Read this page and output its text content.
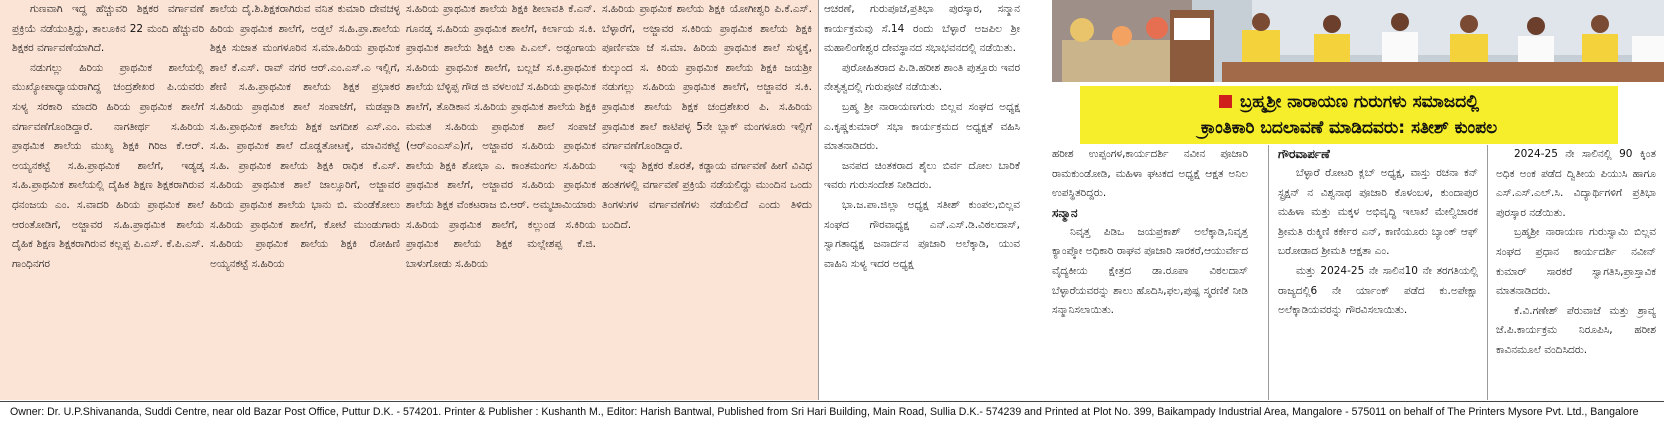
ಗುಣವಾಗಿ ಇದ್ದ ಹೆಚ್ಚುವರಿ ಶಿಕ್ಷಕರ ವರ್ಗಾವಣೆ ಪ್ರಕ್ರಿಯೆ ನಡೆಯುತ್ತಿದ್ದು, ತಾಲೂಕಿನ 22 ಮಂದಿ ಹೆಚ್ಚುವರಿ ಶಿಕ್ಷಕರ ವರ್ಗಾವಣೆಯಾಗಿದೆ.

ನಡುಗಲ್ಲು ಹಿರಿಯ ಪ್ರಾಥಮಿಕ ಶಾಲೆಯಲ್ಲಿ ಮುಖ್ಯೋಪಾಧ್ಯಾಯರಾಗಿದ್ದ ಚಂದ್ರಶೇಖರ ಪಿ.ಯವರು ಸುಳ್ಯ ಸರಕಾರಿ ಮಾದರಿ ಹಿರಿಯ ಪ್ರಾಥಮಿಕ ಶಾಲೆಗೆ ವರ್ಗಾವಣೆಗೊಂಡಿದ್ದಾರೆ. ನಾಗತೀರ್ಥ ಸ.ಹಿರಿಯ ಪ್ರಾಥಮಿಕ ಶಾಲೆಯ ಮುಖ್ಯ ಶಿಕ್ಷಕಿ ಗಿರಿಜ ಕೆ.ಆರ್. ಅಯ್ಯನಕಟ್ಟೆ ಸ.ಹಿ.ಪ್ರಾಥಮಿಕ ಶಾಲೆಗೆ, ಇಡ್ಯಡ್ಕ ಸ.ಹಿ.ಪ್ರಾಥಮಿಕ ಶಾಲೆಯಲ್ಲಿ ದೈಹಿಕ ಶಿಕ್ಷಣ ಶಿಕ್ಷಕರಾಗಿರುವ ಧನಂಜಯ ಎಂ. ಸ.ವಾದರಿ ಹಿರಿಯ ಪ್ರಾಥಮಿಕ ಶಾಲೆ ಆರಂತೋಡಿಗೆ, ಅಜ್ಜಾವರ ಸ.ಹಿ.ಪ್ರಾಥಮಿಕ ಶಾಲೆಯ ದೈಹಿಕ ಶಿಕ್ಷಣ ಶಿಕ್ಷಕರಾಗಿರುವ ಕಲ್ಲಪ್ಪ ಪಿ.ಎಸ್. ಕೆ.ಪಿ.ಎಸ್. ಗಾಂಧಿನಗರ

ಶಾಲೆಯ ದೈ.ಶಿ.ಶಿಕ್ಷಕರಾಗಿರುವ ವನಿತ ಕುಮಾರಿ ದೇವಚಳ್ಳ ಹಿರಿಯ ಪ್ರಾಥಮಿಕ ಶಾಲೆಗೆ, ಅಡ್ತಲೆ ಸ.ಹಿ.ಪ್ರಾ.ಶಾಲೆಯ ಶಿಕ್ಷಕಿ ಸುಜಾತ ಮಂಗಳೂರಿನ ಸ.ಮಾ.ಹಿರಿಯ ಪ್ರಾಥಮಿಕ ಶಾಲೆ ಕೆ.ಎಸ್. ರಾವ್ ನಗರ ಆರ್.ಎಂ.ಎಸ್.ಎ ಇಲ್ಲಿಗೆ, ಶೇಣಿ ಸ.ಹಿ.ಪ್ರಾಥಮಿಕ ಶಾಲೆಯ ಶಿಕ್ಷಕ ಪ್ರಭಾಕರ ಸ.ಹಿರಿಯ ಪ್ರಾಥಮಿಕ ಶಾಲೆ ಸಂಪಾಜೆಗೆ, ಮಡಪ್ಪಾಡಿ ಸ.ಹಿ.ಪ್ರಾಥಮಿಕ ಶಾಲೆಯ ಶಿಕ್ಷಕ ಜಗದೀಶ ಎಸ್.ಎಂ. ಸ.ಹಿ. ಪ್ರಾಥಮಿಕ ಶಾಲೆ ದೊಡ್ಡತೋಟಕ್ಕೆ, ಮಾವಿನಕಟ್ಟೆ ಸ.ಹಿ. ಪ್ರಾಥಮಿಕ ಶಾಲೆಯ ಶಿಕ್ಷಕಿ ರಾಧಿಕ ಕೆ.ಎಸ್. ಸ.ಹಿರಿಯ ಪ್ರಾಥಮಿಕ ಶಾಲೆ ಜಾಲ್ಸೂರಿಗೆ, ಅಜ್ಜಾವರ ಹಿರಿಯ ಪ್ರಾಥಮಿಕ ಶಾಲೆಯ ಭಾನು ಬಿ. ಮಂಡೆಕೋಲು ಸ.ಹಿರಿಯ ಪ್ರಾಥಮಿಕ ಶಾಲೆಗೆ, ಕೋಟೆ ಮುಂಡುಗಾರು ಸ.ಹಿರಿಯ ಪ್ರಾಥಮಿಕ ಶಾಲೆಯ ಶಿಕ್ಷಕಿ ರೋಹಿಣಿ ಅಯ್ಯನಕಟ್ಟೆ ಸ.ಹಿರಿಯ

ಸ.ಹಿರಿಯ ಪ್ರಾಥಮಿಕ ಶಾಲೆಯ ಶಿಕ್ಷಕಿ ಶೀಲಾವತಿ ಕೆ.ಎನ್. ಗೂನಡ್ಕ ಸ.ಹಿರಿಯ ಪ್ರಾಥಮಿಕ ಶಾಲೆಗೆ, ಕಿರ್ಲಾಯ ಸ.ಕಿ. ಪ್ರಾಥಮಿಕ ಶಾಲೆಯ ಶಿಕ್ಷಕಿ ಲತಾ ಪಿ.ಎಲ್. ಅಡ್ಪಂಗಾಯ ಸ.ಹಿರಿಯ ಪ್ರಾಥಮಿಕ ಶಾಲೆಗೆ, ಬಲ್ಲಜೆ ಸ.ಕಿ.ಪ್ರಾಥಮಿಕ ಶಾಲೆಯ ಬೆಳ್ಳಿಪ್ಪ ಗೌಡ ಜಿ ವಳಲಂಬೆ ಸ.ಹಿರಿಯ ಪ್ರಾಥಮಿಕ ಶಾಲೆಗೆ, ತೊಡಿಕಾನ ಸ.ಹಿರಿಯ ಪ್ರಾಥಮಿಕ ಶಾಲೆಯ ಶಿಕ್ಷಕಿ ಮಮತ ಸ.ಹಿರಿಯ ಪ್ರಾಥಮಿಕ ಶಾಲೆ ಸಂಪಾಜೆ (ಆರ್‌ಎಂಎಸ್‌ಎ)ಗೆ, ಅಜ್ಜಾವರ ಸ.ಹಿರಿಯ ಪ್ರಾಥಮಿಕ ಶಾಲೆಯ ಶಿಕ್ಷಕಿ ಶೋಭಾ ಎ. ಕಾಂತಮಂಗಲ ಸ.ಹಿರಿಯ ಪ್ರಾಥಮಿಕ ಶಾಲೆಗೆ, ಅಜ್ಜಾವರ ಸ.ಹಿರಿಯ ಪ್ರಾಥಮಿಕ ಶಾಲೆಯ ಶಿಕ್ಷಕ ವೆಂಕಟರಾಜ ಬಿ.ಆರ್. ಅಮ್ಮಚಾಮಿಯಾರು ಸ.ಹಿರಿಯ ಪ್ರಾಥಮಿಕ ಶಾಲೆಗೆ, ಕಲ್ಲುಂಡ ಸ.ಕಿರಿಯ ಪ್ರಾಥಮಿಕ ಶಾಲೆಯ ಶಿಕ್ಷಕ ಮಲ್ಲೇಶಪ್ಪ ಕೆ.ಜಿ. ಬಾಳುಗೋಡು ಸ.ಹಿರಿಯ

ಸ.ಹಿರಿಯ ಪ್ರಾಥಮಿಕ ಶಾಲೆಯ ಶಿಕ್ಷಕಿ ಯೋಗೀಶ್ವರಿ ಪಿ.ಕೆ.ಎಸ್. ಬೆಳ್ಳಾರೆಗೆ, ಅಜ್ಜಾವರ ಸ.ಕಿರಿಯ ಪ್ರಾಥಮಿಕ ಶಾಲೆಯ ಶಿಕ್ಷಕಿ ಪೂರ್ಣಿಮಾ ಜೆ ಸ.ಮಾ. ಹಿರಿಯ ಪ್ರಾಥಮಿಕ ಶಾಲೆ ಸುಳ್ಯಕ್ಕೆ, ಕುಲ್ಕುಂದ ಸ. ಕಿರಿಯ ಪ್ರಾಥಮಿಕ ಶಾಲೆಯ ಶಿಕ್ಷಕಿ ಜಯಶ್ರೀ ನಡುಗಲ್ಲು ಸ.ಹಿರಿಯ ಪ್ರಾಥಮಿಕ ಶಾಲೆಗೆ, ಅಜ್ಜಾವರ ಸ.ಕಿ. ಪ್ರಾಥಮಿಕ ಶಾಲೆಯ ಶಿಕ್ಷಕ ಚಂದ್ರಶೇಖರ ಪಿ. ಸ.ಹಿರಿಯ ಪ್ರಾಥಮಿಕ ಶಾಲೆ ಕಾಟಿಪಳ್ಳ 5ನೇ ಬ್ಲಾಕ್ ಮಂಗಳೂರು ಇಲ್ಲಿಗೆ ವರ್ಗಾವಣೆಗೊಂಡಿದ್ದಾರೆ.

ಇನ್ನು ಶಿಕ್ಷಕರ ಕೊರತೆ, ಕಡ್ಡಾಯ ವರ್ಗಾವಣೆ ಹೀಗೆ ವಿವಿಧ ಹಂತಗಳಲ್ಲಿ ವರ್ಗಾವಣೆ ಪ್ರಕ್ರಿಯೆ ನಡೆಯಲಿದ್ದು ಮುಂದಿನ ಒಂದು ತಿಂಗಳುಗಳ ವರ್ಗಾವಣೆಗಳು ನಡೆಯಲಿದೆ ಎಂದು ತಿಳಿದು ಬಂದಿದೆ.

ಆಚರಣೆ, ಗುರುಪೂಜೆ,ಪ್ರತಿಭಾ ಪುರಸ್ಕಾರ, ಸನ್ಮಾನ ಕಾರ್ಯಕ್ರಮವು ಸೆ.14 ರಂದು ಬೆಳ್ಳಾರೆ ಅಜಪಿಲ ಶ್ರೀ ಮಹಾಲಿಂಗೇಶ್ವರ ದೇವಸ್ಥಾನದ ಸಭಾಭವನದಲ್ಲಿ ನಡೆಯಿತು.

ಪುರೋಹಿತರಾದ ಪಿ.ಡಿ.ಹರೀಶ ಶಾಂತಿ ಪುತ್ತೂರು ಇವರ ನೇತೃತ್ವದಲ್ಲಿ ಗುರುಪೂಜೆ ನಡೆಯಿತು.

ಬ್ರಹ್ಮ ಶ್ರೀ ನಾರಾಯಣಗುರು ಬಿಲ್ಲವ ಸಂಘದ ಅಧ್ಯಕ್ಷ ಎ.ಕೃಷ್ಣಕುಮಾರ್ ಸಭಾ ಕಾರ್ಯಕ್ರಮದ ಅಧ್ಯಕ್ಷತೆ ವಹಿಸಿ ಮಾತನಾಡಿದರು.

ಜನಪದ ಚಿಂತಕರಾದ ಶೈಲು ಬಿರ್ವ ದೋಲ ಬಾರಿಕೆ ಇವರು ಗುರುಸಂದೇಶ ನೀಡಿದರು.

ಭಾ.ಜ.ಪಾ.ಜಿಲ್ಲಾ ಅಧ್ಯಕ್ಷ ಸತೀಶ್ ಕುಂಪಲ,ಬಿಲ್ಲವ ಸಂಘದ ಗೌರವಾಧ್ಯಕ್ಷ ಎನ್.ಎಸ್.ಡಿ.ವಿಠಲದಾಸ್, ಸ್ವಾಗತಾಧ್ಯಕ್ಷ ಜನಾರ್ದನ ಪೂಜಾರಿ ಅಲೆಕ್ಕಾಡಿ, ಯುವ ವಾಹಿನಿ ಸುಳ್ಯ ಇದರ ಅಧ್ಯಕ್ಷ

ಬ್ರಹ್ಮಶ್ರೀ ನಾರಾಯಣ ಗುರುಗಳು ಸಮಾಜದಲ್ಲಿ
ಕ್ರಾಂತಿಕಾರಿ ಬದಲಾವಣೆ ಮಾಡಿದವರು: ಸತೀಶ್ ಕುಂಪಲ

ಹರೀಶ ಉಪ್ಪಂಗಳ,ಕಾರ್ಯದರ್ಶಿ ನವೀನ ಪೂಜಾರಿ ರಾಮಕುಂಡೋಡಿ, ಮಹಿಳಾ ಘಟಕದ ಅಧ್ಯಕ್ಷೆ ಆಕ್ಷತ ಅನಿಲ ಉಪಸ್ಥಿತರಿದ್ದರು.

ಸನ್ಮಾನ

ನಿವೃತ್ತ ಪಿಡಿಒ ಜಯಪ್ರಕಾಶ್ ಅಲೆಕ್ಕಾಡಿ,ನಿವೃತ್ತ ಕ್ಯಾಂಪ್ಕೋ ಅಧಿಕಾರಿ ರಾಘವ ಪೂಜಾರಿ ಸಾರಕರೆ,ಆಯುರ್ವೇದ ವೈದ್ಯಕೀಯ ಕ್ಷೇತ್ರದ ಡಾ.ರೂಪಾ ವಿಠಲದಾಸ್ ಬೆಳ್ಳಾರೆಯವರನ್ನು ಶಾಲು ಹೊದಿಸಿ,ಫಲ,ಪುಷ್ಪ ಸ್ಮರಣಿಕೆ ನೀಡಿ ಸನ್ಮಾನಿಸಲಾಯಿತು.

ಗೌರವಾರ್ಪಣೆ

ಬೆಳ್ಳಾರೆ ರೋಟರಿ ಕ್ಲಬ್ ಅಧ್ಯಕ್ಷ, ವಾಸ್ತು ರಚನಾ ಕನ್ ಸ್ಟ್ರಕ್ಷನ್ ನ ವಿಶ್ವನಾಥ ಪೂಜಾರಿ ಕೊಳಂಬಳ, ಕುಂದಾಪುರ ಮಹಿಳಾ ಮತ್ತು ಮಕ್ಕಳ ಅಭಿವೃದ್ಧಿ ಇಲಾಖೆ ಮೇಲ್ವಿಚಾರಕ ಶ್ರೀಮತಿ ರುಕ್ಮಿಣಿ ಕರ್ಕೇರ ಎನ್, ಕಾಣಿಯೂರು ಬ್ಯಾಂಕ್ ಆಫ್ ಬರೋಡಾದ ಶ್ರೀಮತಿ ಆಕ್ಷತಾ ಎಂ.

ಮತ್ತು 2024-25 ನೇ ಸಾಲಿನ10 ನೇ ತರಗತಿಯಲ್ಲಿ ರಾಜ್ಯದಲ್ಲಿ6 ನೇ ರ್ಯಾಂಕ್ ಪಡೆದ ಕು.ಅಪೇಕ್ಷಾ ಅಲೆಕ್ಕಾಡಿಯವರನ್ನು ಗೌರವಿಸಲಾಯಿತು.

2024-25 ನೇ ಸಾಲಿನಲ್ಲಿ 90 ಕ್ಕಿಂತ ಅಧಿಕ ಅಂಕ ಪಡೆದ ದ್ವಿತೀಯ ಪಿಯುಸಿ ಹಾಗೂ ಎಸ್.ಎಸ್.ಎಲ್.ಸಿ. ವಿದ್ಯಾರ್ಥಿಗಳಿಗೆ ಪ್ರತಿಭಾ ಪುರಸ್ಕಾರ ನಡೆಯಿತು.

ಬ್ರಹ್ಮಶ್ರೀ ನಾರಾಯಣ ಗುರುಸ್ವಾಮಿ ಬಿಲ್ಲವ ಸಂಘದ ಪ್ರಧಾನ ಕಾರ್ಯದರ್ಶಿ ನವೀನ್ ಕುಮಾರ್ ಸಾರಕರೆ ಸ್ವಾಗತಿಸಿ,ಪ್ರಾಸ್ತಾವಿಕ ಮಾತನಾಡಿದರು.

ಕೆ.ವಿ.ಗಣೇಶ್ ಪೆರುವಾಜೆ ಮತ್ತು ಶ್ರಾವ್ಯ ಜೆ.ಪಿ.ಕಾರ್ಯಕ್ರಮ ನಿರೂಪಿಸಿ, ಹರೀಶ ಕಾವಿನಮೂಲೆ ವಂದಿಸಿದರು.

Owner: Dr. U.P.Shivananda, Suddi Centre, near old Bazar Post Office, Puttur D.K. - 574201. Printer & Publisher : Kushanth M., Editor: Harish Bantwal, Published from Sri Hari Building, Main Road, Sullia D.K.- 574239 and Printed at Plot No. 399, Baikampady Industrial Area, Mangalore - 575011 on behalf of The Printers Mysore Pvt. Ltd., Bangalore
